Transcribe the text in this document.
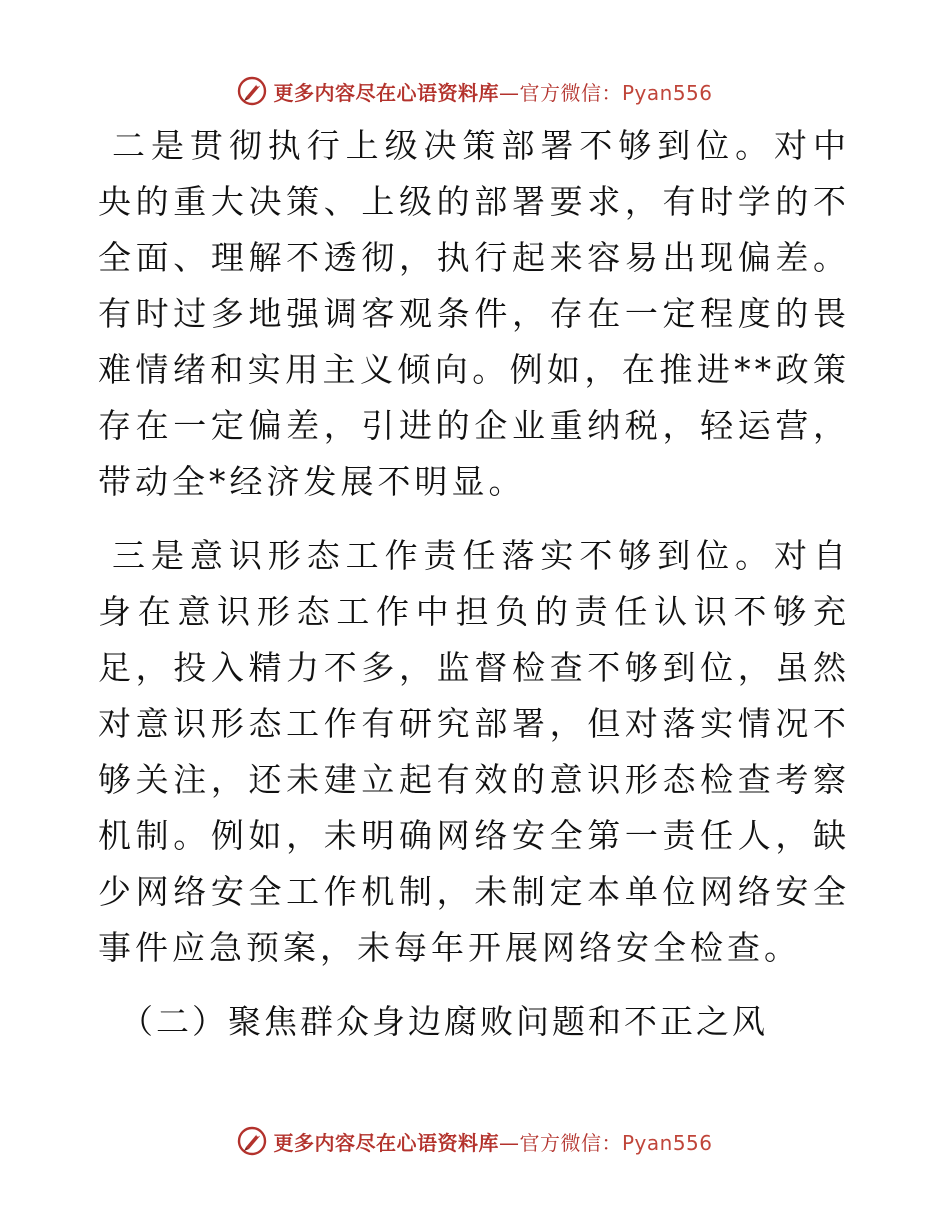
更多内容尽在心语资料库—官方微信：Pyan556

二是贯彻执行上级决策部署不够到位。对中央的重大决策、上级的部署要求，有时学的不全面、理解不透彻，执行起来容易出现偏差。有时过多地强调客观条件，存在一定程度的畏难情绪和实用主义倾向。例如，在推进**政策存在一定偏差，引进的企业重纳税，轻运营，带动全*经济发展不明显。

三是意识形态工作责任落实不够到位。对自身在意识形态工作中担负的责任认识不够充足，投入精力不多，监督检查不够到位，虽然对意识形态工作有研究部署，但对落实情况不够关注，还未建立起有效的意识形态检查考察机制。例如，未明确网络安全第一责任人，缺少网络安全工作机制，未制定本单位网络安全事件应急预案，未每年开展网络安全检查。

（二）聚焦群众身边腐败问题和不正之风

更多内容尽在心语资料库—官方微信：Pyan556
